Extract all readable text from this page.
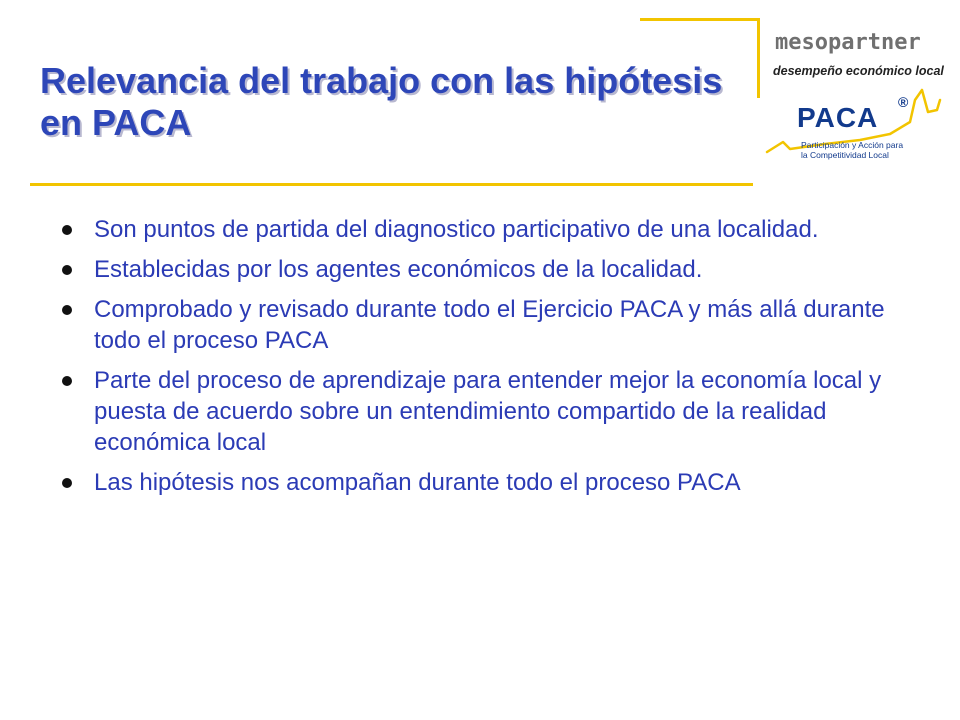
Relevancia del trabajo con las hipótesis en PACA
mesopartner
desempeño económico local
PACA ®
Participación y Acción para
la Competitividad Local
Son puntos de partida del diagnostico participativo de una localidad.
Establecidas por los agentes económicos de la localidad.
Comprobado y revisado durante todo el Ejercicio PACA y más allá durante todo el proceso PACA
Parte del proceso de aprendizaje para entender mejor la economía local y puesta de acuerdo sobre un entendimiento compartido de la realidad económica local
Las hipótesis nos acompañan durante todo el proceso PACA
